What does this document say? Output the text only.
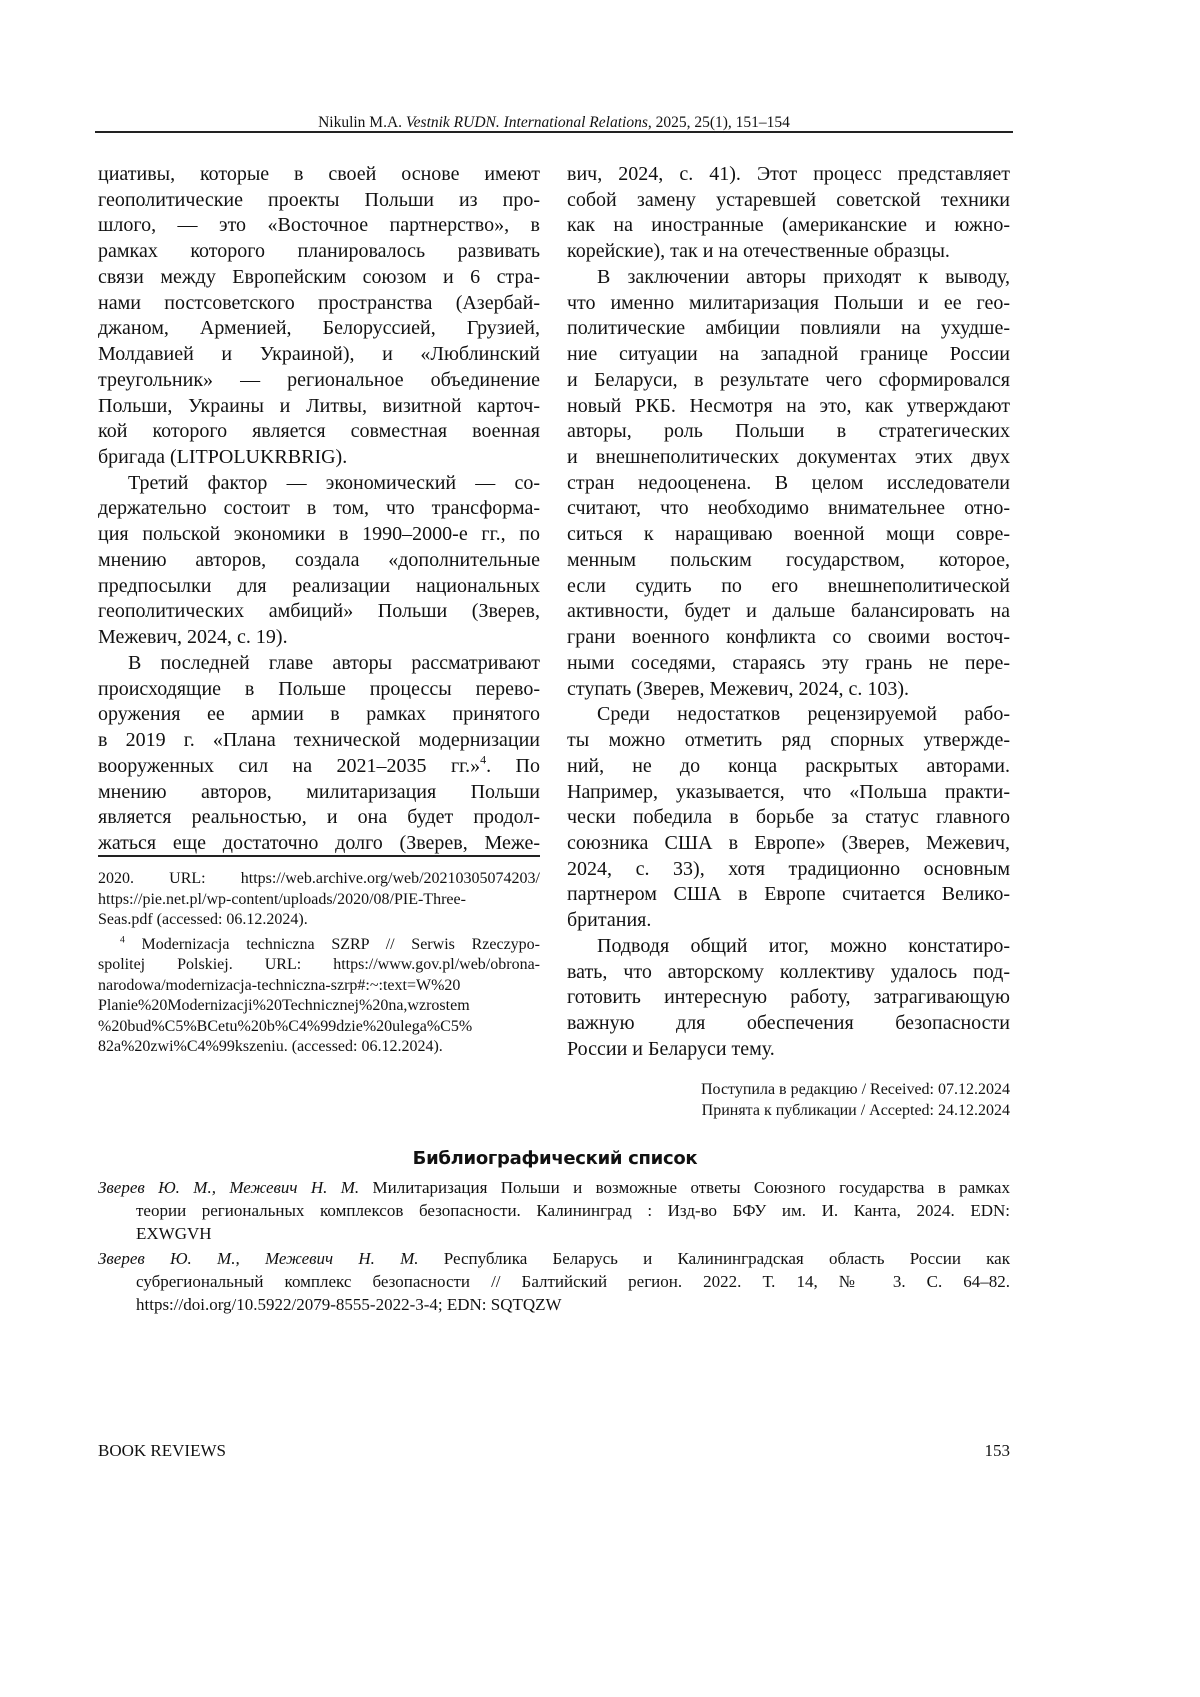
Nikulin M.A. Vestnik RUDN. International Relations, 2025, 25(1), 151–154
циативы, которые в своей основе имеют
геополитические проекты Польши из про-
шлого, — это «Восточное партнерство», в
рамках которого планировалось развивать
связи между Европейским союзом и 6 стра-
нами постсоветского пространства (Азербай-
джаном, Арменией, Белоруссией, Грузией,
Молдавией и Украиной), и «Люблинский
треугольник» — региональное объединение
Польши, Украины и Литвы, визитной карточ-
кой которого является совместная военная
бригада (LITPOLUKRBRIG).
Третий фактор — экономический — со-
держательно состоит в том, что трансформа-
ция польской экономики в 1990–2000-е гг., по
мнению авторов, создала «дополнительные
предпосылки для реализации национальных
геополитических амбиций» Польши (Зверев,
Межевич, 2024, с. 19).
В последней главе авторы рассматривают
происходящие в Польше процессы перево-
оружения ее армии в рамках принятого
в 2019 г. «Плана технической модернизации
вооруженных сил на 2021–2035 гг.»4. По
мнению авторов, милитаризация Польши
является реальностью, и она будет продол-
жаться еще достаточно долго (Зверев, Меже-
2020. URL: https://web.archive.org/web/20210305074203/
https://pie.net.pl/wp-content/uploads/2020/08/PIE-Three-
Seas.pdf (accessed: 06.12.2024).
4 Modernizacja techniczna SZRP // Serwis Rzeczypo-
spolitej Polskiej. URL: https://www.gov.pl/web/obrona-
narodowa/modernizacja-techniczna-szrp#:~:text=W%20
Planie%20Modernizacji%20Technicznej%20na,wzrostem
%20bud%C5%BCetu%20b%C4%99dzie%20ulega%C5%
82a%20zwi%C4%99kszeniu. (accessed: 06.12.2024).
вич, 2024, с. 41). Этот процесс представляет
собой замену устаревшей советской техники
как на иностранные (американские и южно-
корейские), так и на отечественные образцы.
В заключении авторы приходят к выводу,
что именно милитаризация Польши и ее гео-
политические амбиции повлияли на ухудше-
ние ситуации на западной границе России
и Беларуси, в результате чего сформировался
новый РКБ. Несмотря на это, как утверждают
авторы, роль Польши в стратегических
и внешнеполитических документах этих двух
стран недооценена. В целом исследователи
считают, что необходимо внимательнее отно-
ситься к наращиваю военной мощи совре-
менным польским государством, которое,
если судить по его внешнеполитической
активности, будет и дальше балансировать на
грани военного конфликта со своими восточ-
ными соседями, стараясь эту грань не пере-
ступать (Зверев, Межевич, 2024, с. 103).
Среди недостатков рецензируемой рабо-
ты можно отметить ряд спорных утвержде-
ний, не до конца раскрытых авторами.
Например, указывается, что «Польша практи-
чески победила в борьбе за статус главного
союзника США в Европе» (Зверев, Межевич,
2024, с. 33), хотя традиционно основным
партнером США в Европе считается Велико-
британия.
Подводя общий итог, можно констатиро-
вать, что авторскому коллективу удалось под-
готовить интересную работу, затрагивающую
важную для обеспечения безопасности
России и Беларуси тему.
Поступила в редакцию / Received: 07.12.2024
Принята к публикации / Accepted: 24.12.2024
Библиографический список
Зверев Ю. М., Межевич Н. М. Милитаризация Польши и возможные ответы Союзного государства в рамках
теории региональных комплексов безопасности. Калининград : Изд-во БФУ им. И. Канта, 2024. EDN:
EXWGVH
Зверев Ю. М., Межевич Н. М. Республика Беларусь и Калининградская область России как
субрегиональный комплекс безопасности // Балтийский регион. 2022. Т. 14, № 3. С. 64–82.
https://doi.org/10.5922/2079-8555-2022-3-4; EDN: SQTQZW
BOOK REVIEWS	153
